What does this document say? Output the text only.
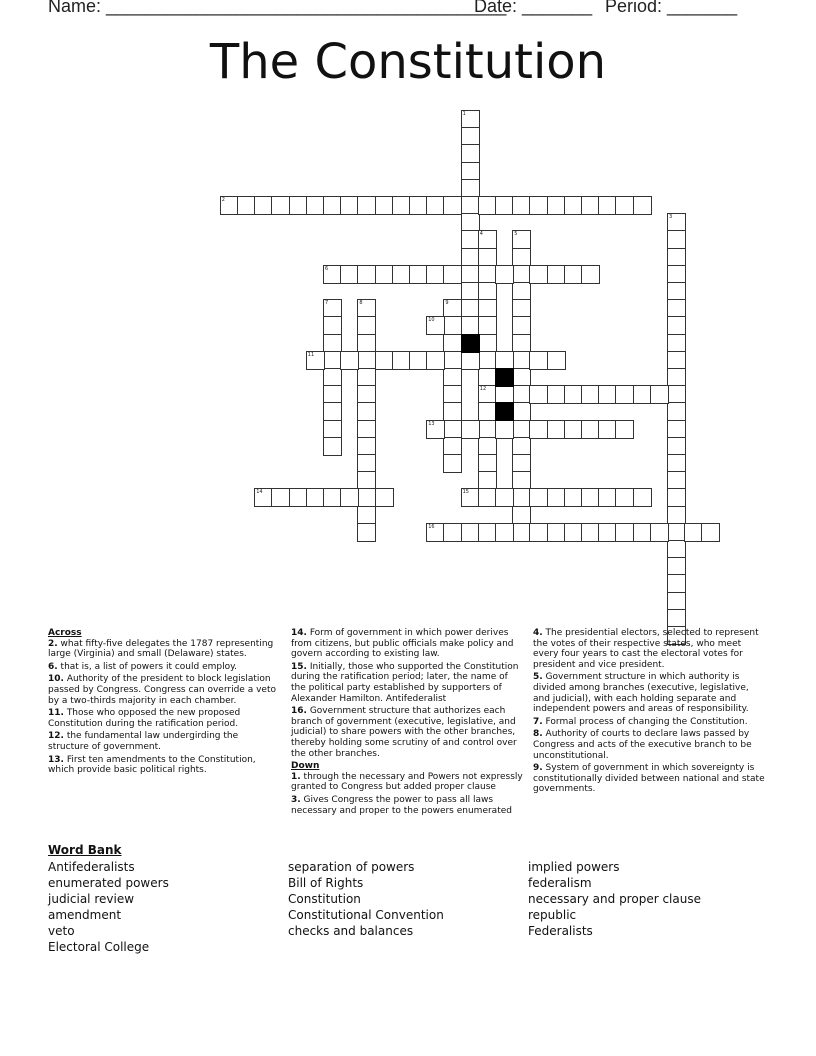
Name: ________________________________________
Date: _______ Period: _______
The Constitution
1
2
3
4
12
5
6
7	8	9
10
11
13
14	15
16
Across
2. what fifty-five delegates the 1787 representing large (Virginia) and small (Delaware) states.
6. that is, a list of powers it could employ.
10. Authority of the president to block legislation passed by Congress. Congress can override a veto by a two-thirds majority in each chamber.
11. Those who opposed the new proposed Constitution during the ratification period.
12. the fundamental law undergirding the structure of government.
13. First ten amendments to the Constitution, which provide basic political rights.
14. Form of government in which power derives from citizens, but public officials make policy and govern according to existing law.
15. Initially, those who supported the Constitution during the ratification period; later, the name of the political party established by supporters of Alexander Hamilton. Antifederalist
16. Government structure that authorizes each branch of government (executive, legislative, and judicial) to share powers with the other branches, thereby holding some scrutiny of and control over the other branches.
Down
1. through the necessary and Powers not expressly granted to Congress but added proper clause
3. Gives Congress the power to pass all laws necessary and proper to the powers enumerated
4. The presidential electors, selected to represent the votes of their respective states, who meet every four years to cast the electoral votes for president and vice president.
5. Government structure in which authority is divided among branches (executive, legislative, and judicial), with each holding separate and independent powers and areas of responsibility.
7. Formal process of changing the Constitution.
8. Authority of courts to declare laws passed by Congress and acts of the executive branch to be unconstitutional.
9. System of government in which sovereignty is constitutionally divided between national and state governments.
Word Bank
Antifederalists
enumerated powers
judicial review
amendment
veto
Electoral College
separation of powers
Bill of Rights
Constitution
Constitutional Convention
checks and balances
implied powers
federalism
necessary and proper clause
republic
Federalists
